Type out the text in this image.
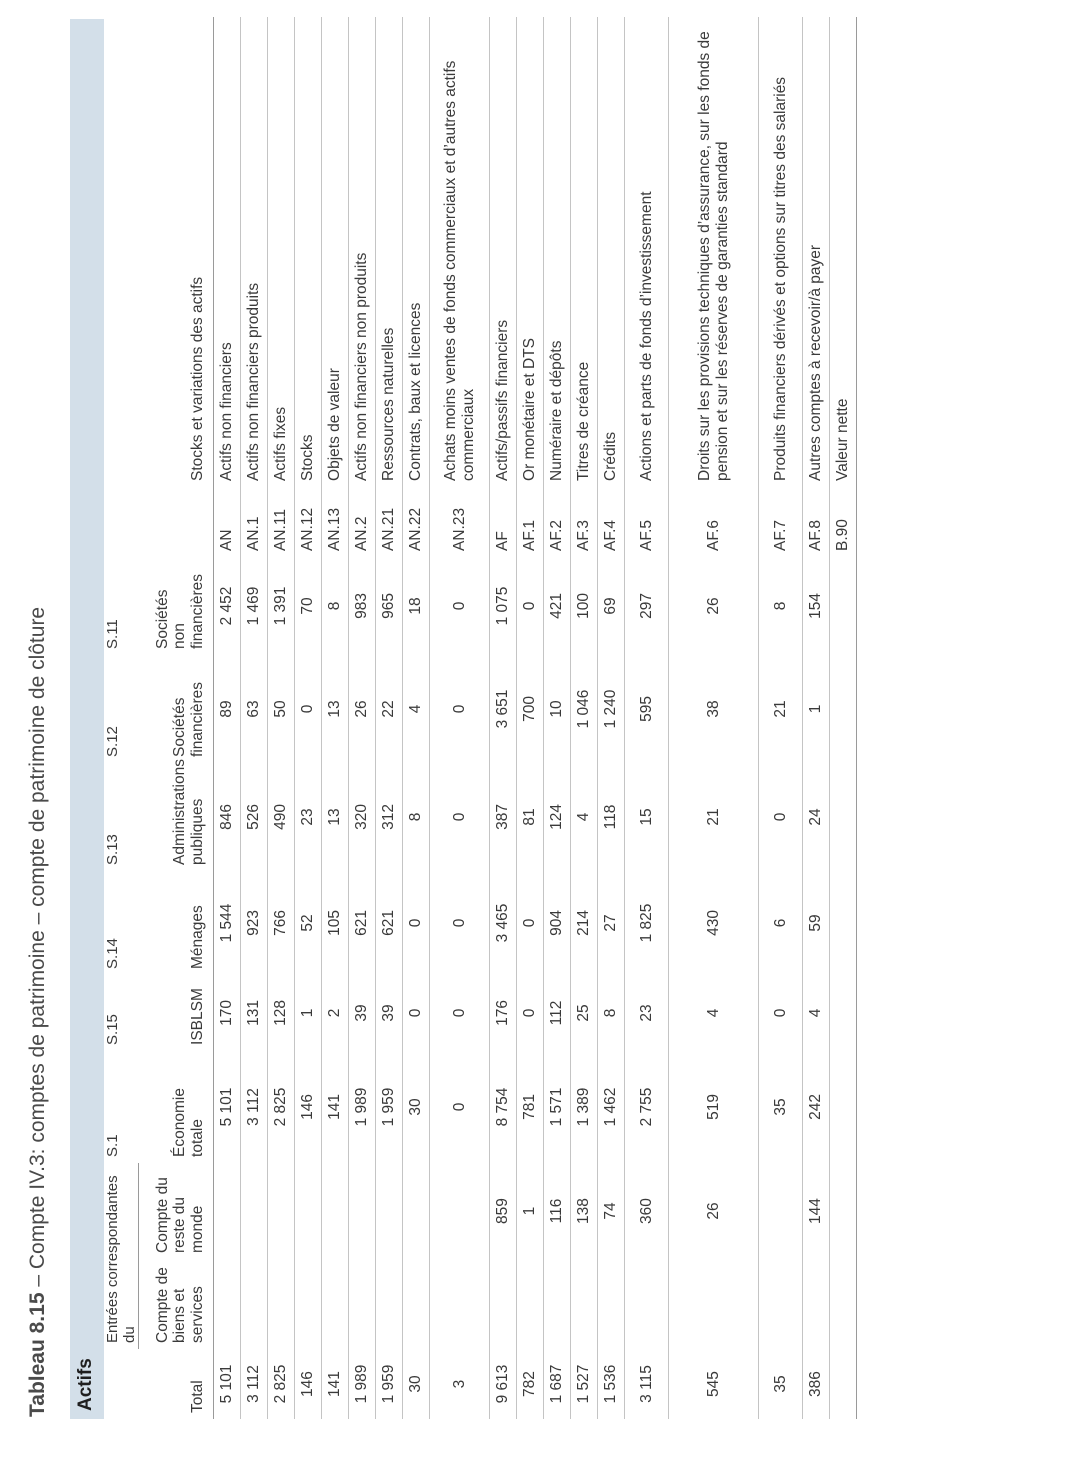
Tableau 8.15 – Compte IV.3: comptes de patrimoine – compte de patrimoine de clôture
Actifs
	Entrées correspondantes du		S.1	S.15	S.14	S.13	S.12	S.11		
Total	Compte de biens et services	Compte du reste du monde	Économie totale	ISBLSM	Ménages	Administrations publiques	Sociétés financières	Sociétés non financières		Stocks et variations des actifs
5 101			5 101	170	1 544	846	89	2 452	AN	Actifs non financiers
3 112			3 112	131	923	526	63	1 469	AN.1	Actifs non financiers produits
2 825			2 825	128	766	490	50	1 391	AN.11	Actifs fixes
146			146	1	52	23	0	70	AN.12	Stocks
141			141	2	105	13	13	8	AN.13	Objets de valeur
1 989			1 989	39	621	320	26	983	AN.2	Actifs non financiers non produits
1 959			1 959	39	621	312	22	965	AN.21	Ressources naturelles
30			30	0	0	8	4	18	AN.22	Contrats, baux et licences
3			0	0	0	0	0	0	AN.23	Achats moins ventes de fonds commerciaux et d’autres actifs commerciaux
9 613		859	8 754	176	3 465	387	3 651	1 075	AF	Actifs/passifs financiers
782		1	781	0	0	81	700	0	AF.1	Or monétaire et DTS
1 687		116	1 571	112	904	124	10	421	AF.2	Numéraire et dépôts
1 527		138	1 389	25	214	4	1 046	100	AF.3	Titres de créance
1 536		74	1 462	8	27	118	1 240	69	AF.4	Crédits
3 115		360	2 755	23	1 825	15	595	297	AF.5	Actions et parts de fonds d’investissement
545		26	519	4	430	21	38	26	AF.6	Droits sur les provisions techniques d’assurance, sur les fonds de pension et sur les réserves de garanties standard
35			35	0	6	0	21	8	AF.7	Produits financiers dérivés et options sur titres des salariés
386		144	242	4	59	24	1	154	AF.8	Autres comptes à recevoir/à payer
									B.90	Valeur nette
